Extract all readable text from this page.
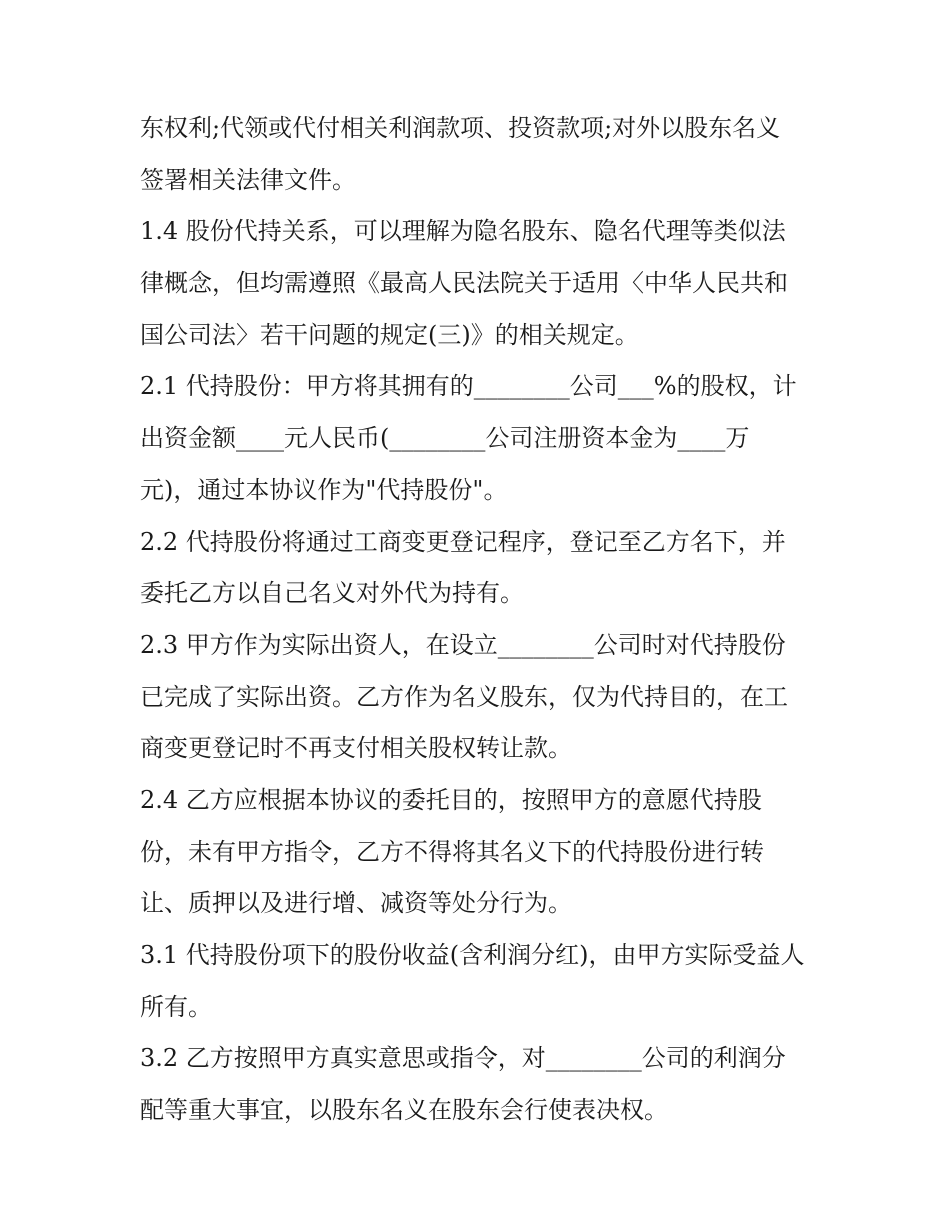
东权利;代领或代付相关利润款项、投资款项;对外以股东名义
签署相关法律文件。
1.4 股份代持关系，可以理解为隐名股东、隐名代理等类似法
律概念，但均需遵照《最高人民法院关于适用〈中华人民共和
国公司法〉若干问题的规定(三)》的相关规定。
2.1 代持股份：甲方将其拥有的________公司___%的股权，计
出资金额____元人民币(________公司注册资本金为____万
元)，通过本协议作为"代持股份"。
2.2 代持股份将通过工商变更登记程序，登记至乙方名下，并
委托乙方以自己名义对外代为持有。
2.3 甲方作为实际出资人，在设立________公司时对代持股份
已完成了实际出资。乙方作为名义股东，仅为代持目的，在工
商变更登记时不再支付相关股权转让款。
2.4 乙方应根据本协议的委托目的，按照甲方的意愿代持股
份，未有甲方指令，乙方不得将其名义下的代持股份进行转
让、质押以及进行增、减资等处分行为。
3.1 代持股份项下的股份收益(含利润分红)，由甲方实际受益人
所有。
3.2 乙方按照甲方真实意思或指令，对________公司的利润分
配等重大事宜，以股东名义在股东会行使表决权。
